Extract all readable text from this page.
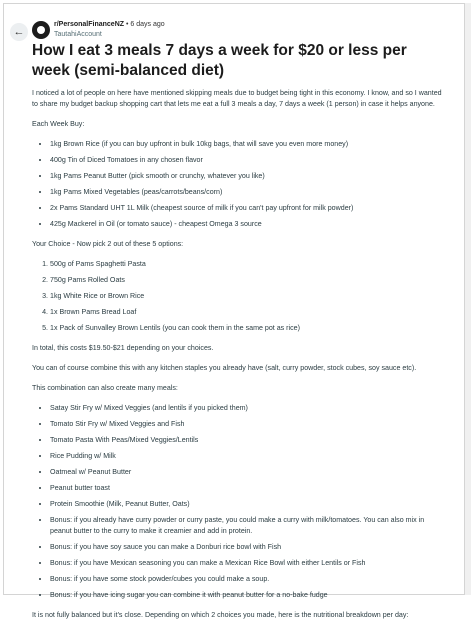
←
r/PersonalFinanceNZ • 6 days ago
TautahiAccount
How I eat 3 meals 7 days a week for $20 or less per week (semi-balanced diet)

I noticed a lot of people on here have mentioned skipping meals due to budget being tight in this economy. I know, and so I wanted to share my budget backup shopping cart that lets me eat a full 3 meals a day, 7 days a week (1 person) in case it helps anyone.

Each Week Buy:

• 1kg Brown Rice (if you can buy upfront in bulk 10kg bags, that will save you even more money)
• 400g Tin of Diced Tomatoes in any chosen flavor
• 1kg Pams Peanut Butter (pick smooth or crunchy, whatever you like)
• 1kg Pams Mixed Vegetables (peas/carrots/beans/corn)
• 2x Pams Standard UHT 1L Milk (cheapest source of milk if you can't pay upfront for milk powder)
• 425g Mackerel in Oil (or tomato sauce) - cheapest Omega 3 source

Your Choice - Now pick 2 out of these 5 options:

1. 500g of Pams Spaghetti Pasta
2. 750g Pams Rolled Oats
3. 1kg White Rice or Brown Rice
4. 1x Brown Pams Bread Loaf
5. 1x Pack of Sunvalley Brown Lentils (you can cook them in the same pot as rice)

In total, this costs $19.50-$21 depending on your choices.

You can of course combine this with any kitchen staples you already have (salt, curry powder, stock cubes, soy sauce etc).

This combination can also create many meals:

• Satay Stir Fry w/ Mixed Veggies (and lentils if you picked them)
• Tomato Stir Fry w/ Mixed Veggies and Fish
• Tomato Pasta With Peas/Mixed Veggies/Lentils
• Rice Pudding w/ Milk
• Oatmeal w/ Peanut Butter
• Peanut butter toast
• Protein Smoothie (Milk, Peanut Butter, Oats)
• Bonus: if you already have curry powder or curry paste, you could make a curry with milk/tomatoes. You can also mix in peanut butter to the curry to make it creamier and add in protein.
• Bonus: if you have soy sauce you can make a Donburi rice bowl with Fish
• Bonus: if you have Mexican seasoning you can make a Mexican Rice Bowl with either Lentils or Fish
• Bonus: if you have some stock powder/cubes you could make a soup.
• Bonus: if you have icing sugar you can combine it with peanut butter for a no-bake fudge

It is not fully balanced but it's close. Depending on which 2 choices you made, here is the nutritional breakdown per day:
